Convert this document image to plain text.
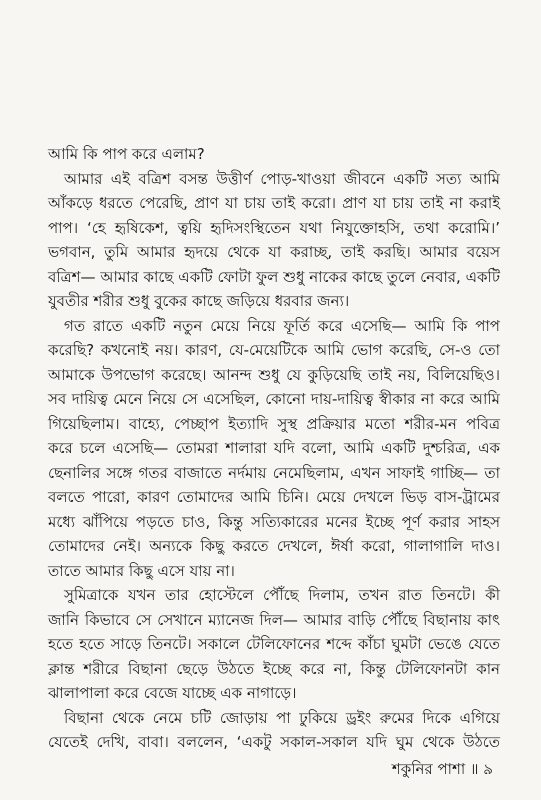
আমি কি পাপ করে এলাম?
আমার এই বত্রিশ বসন্ত উত্তীর্ণ পোড়-খাওয়া জীবনে একটি সত্য আমি
আঁকড়ে ধরতে পেরেছি, প্রাণ যা চায় তাই করো। প্রাণ যা চায় তাই না করাই
পাপ। ‘হে হৃষিকেশ, ত্বয়ি হৃদিসংস্থিতেন যথা নিযুক্তোহসি, তথা করোমি।’
ভগবান, তুমি আমার হৃদয়ে থেকে যা করাচ্ছ, তাই করছি। আমার বয়েস
বত্রিশ— আমার কাছে একটি ফোটা ফুল শুধু নাকের কাছে তুলে নেবার, একটি
যুবতীর শরীর শুধু বুকের কাছে জড়িয়ে ধরবার জন্য।
গত রাতে একটি নতুন মেয়ে নিয়ে ফূর্তি করে এসেছি— আমি কি পাপ
করেছি? কখনোই নয়। কারণ, যে-মেয়েটিকে আমি ভোগ করেছি, সে-ও তো
আমাকে উপভোগ করেছে। আনন্দ শুধু যে কুড়িয়েছি তাই নয়, বিলিয়েছিও।
সব দায়িত্ব মেনে নিয়ে সে এসেছিল, কোনো দায়-দায়িত্ব স্বীকার না করে আমি
গিয়েছিলাম। বাহ্যে, পেচ্ছাপ ইত্যাদি সুস্থ প্রক্রিয়ার মতো শরীর-মন পবিত্র
করে চলে এসেছি— তোমরা শালারা যদি বলো, আমি একটি দুশ্চরিত্র, এক
ছেনালির সঙ্গে গতর বাজাতে নর্দমায় নেমেছিলাম, এখন সাফাই গাচ্ছি— তা
বলতে পারো, কারণ তোমাদের আমি চিনি। মেয়ে দেখলে ভিড় বাস-ট্রামের
মধ্যে ঝাঁপিয়ে পড়তে চাও, কিন্তু সত্যিকারের মনের ইচ্ছে পূর্ণ করার সাহস
তোমাদের নেই। অন্যকে কিছু করতে দেখলে, ঈর্ষা করো, গালাগালি দাও।
তাতে আমার কিছু এসে যায় না।
সুমিত্রাকে যখন তার হোস্টেলে পৌঁছে দিলাম, তখন রাত তিনটে। কী
জানি কিভাবে সে সেখানে ম্যানেজ দিল— আমার বাড়ি পৌঁছে বিছানায় কাৎ
হতে হতে সাড়ে তিনটে। সকালে টেলিফোনের শব্দে কাঁচা ঘুমটা ভেঙে যেতে
ক্লান্ত শরীরে বিছানা ছেড়ে উঠতে ইচ্ছে করে না, কিন্তু টেলিফোনটা কান
ঝালাপালা করে বেজে যাচ্ছে এক নাগাড়ে।
বিছানা থেকে নেমে চটি জোড়ায় পা ঢুকিয়ে ড্রইং রুমের দিকে এগিয়ে
যেতেই দেখি, বাবা। বললেন, ‘একটু সকাল-সকাল যদি ঘুম থেকে উঠতে
শকুনির পাশা ॥ ৯
